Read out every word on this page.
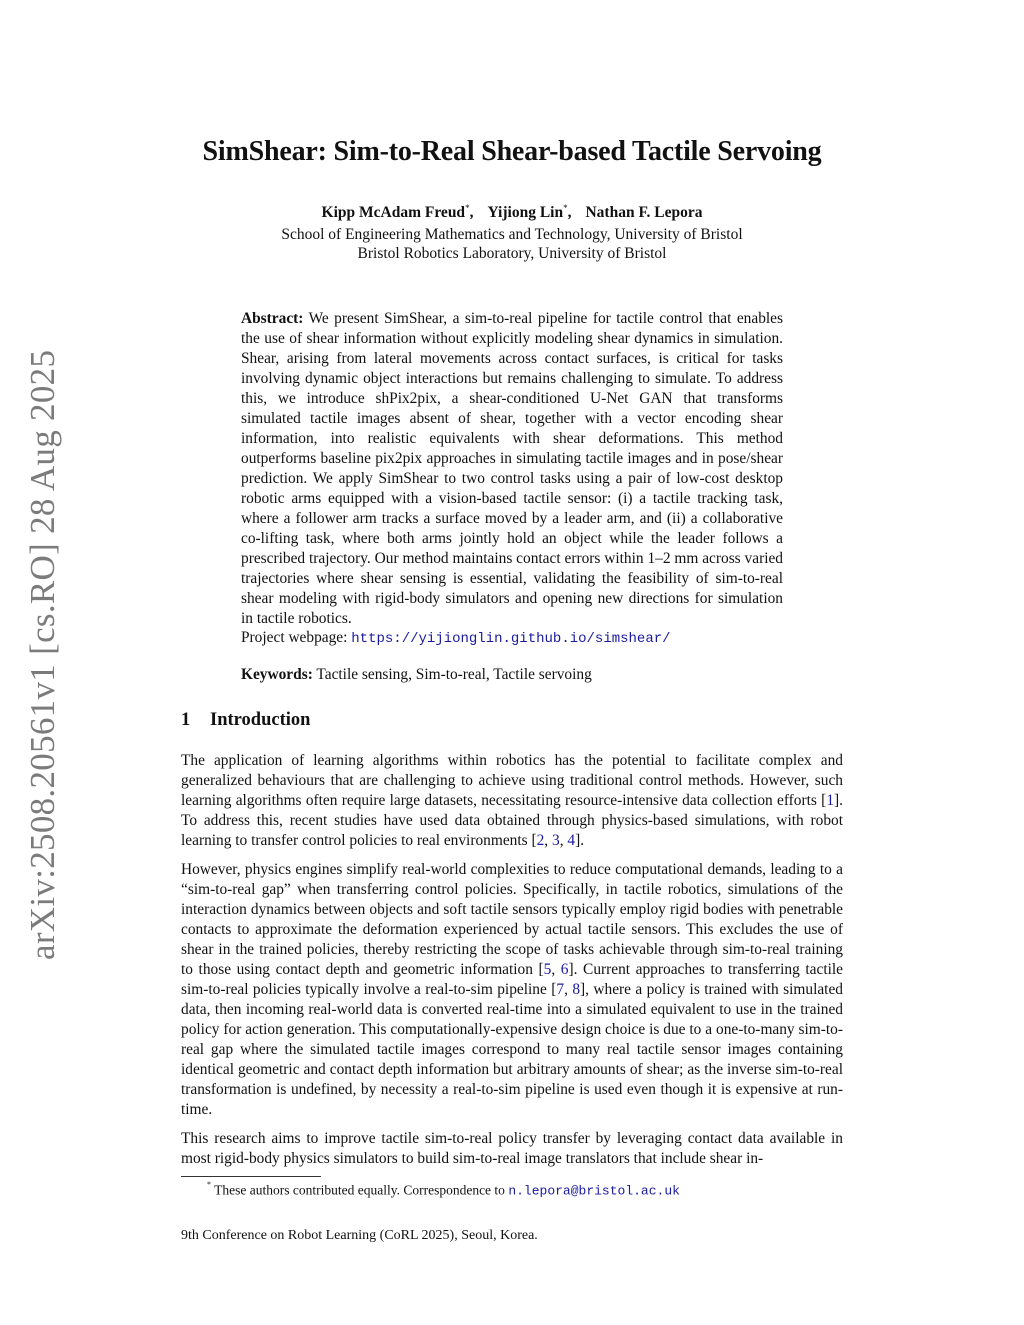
arXiv:2508.20561v1 [cs.RO] 28 Aug 2025
SimShear: Sim-to-Real Shear-based Tactile Servoing
Kipp McAdam Freud*, Yijiong Lin*, Nathan F. Lepora
School of Engineering Mathematics and Technology, University of Bristol
Bristol Robotics Laboratory, University of Bristol
Abstract: We present SimShear, a sim-to-real pipeline for tactile control that enables the use of shear information without explicitly modeling shear dynamics in simulation. Shear, arising from lateral movements across contact surfaces, is critical for tasks involving dynamic object interactions but remains challenging to simulate. To address this, we introduce shPix2pix, a shear-conditioned U-Net GAN that transforms simulated tactile images absent of shear, together with a vector encoding shear information, into realistic equivalents with shear deformations. This method outperforms baseline pix2pix approaches in simulating tactile images and in pose/shear prediction. We apply SimShear to two control tasks using a pair of low-cost desktop robotic arms equipped with a vision-based tactile sensor: (i) a tactile tracking task, where a follower arm tracks a surface moved by a leader arm, and (ii) a collaborative co-lifting task, where both arms jointly hold an object while the leader follows a prescribed trajectory. Our method maintains contact errors within 1–2 mm across varied trajectories where shear sensing is essential, validating the feasibility of sim-to-real shear modeling with rigid-body simulators and opening new directions for simulation in tactile robotics.
Project webpage: https://yijionglin.github.io/simshear/
Keywords: Tactile sensing, Sim-to-real, Tactile servoing
1 Introduction
The application of learning algorithms within robotics has the potential to facilitate complex and generalized behaviours that are challenging to achieve using traditional control methods. However, such learning algorithms often require large datasets, necessitating resource-intensive data collection efforts [1]. To address this, recent studies have used data obtained through physics-based simulations, with robot learning to transfer control policies to real environments [2, 3, 4].
However, physics engines simplify real-world complexities to reduce computational demands, leading to a “sim-to-real gap” when transferring control policies. Specifically, in tactile robotics, simulations of the interaction dynamics between objects and soft tactile sensors typically employ rigid bodies with penetrable contacts to approximate the deformation experienced by actual tactile sensors. This excludes the use of shear in the trained policies, thereby restricting the scope of tasks achievable through sim-to-real training to those using contact depth and geometric information [5, 6]. Current approaches to transferring tactile sim-to-real policies typically involve a real-to-sim pipeline [7, 8], where a policy is trained with simulated data, then incoming real-world data is converted real-time into a simulated equivalent to use in the trained policy for action generation. This computationally-expensive design choice is due to a one-to-many sim-to-real gap where the simulated tactile images correspond to many real tactile sensor images containing identical geometric and contact depth information but arbitrary amounts of shear; as the inverse sim-to-real transformation is undefined, by necessity a real-to-sim pipeline is used even though it is expensive at run-time.
This research aims to improve tactile sim-to-real policy transfer by leveraging contact data available in most rigid-body physics simulators to build sim-to-real image translators that include shear in-
* These authors contributed equally. Correspondence to n.lepora@bristol.ac.uk
9th Conference on Robot Learning (CoRL 2025), Seoul, Korea.
